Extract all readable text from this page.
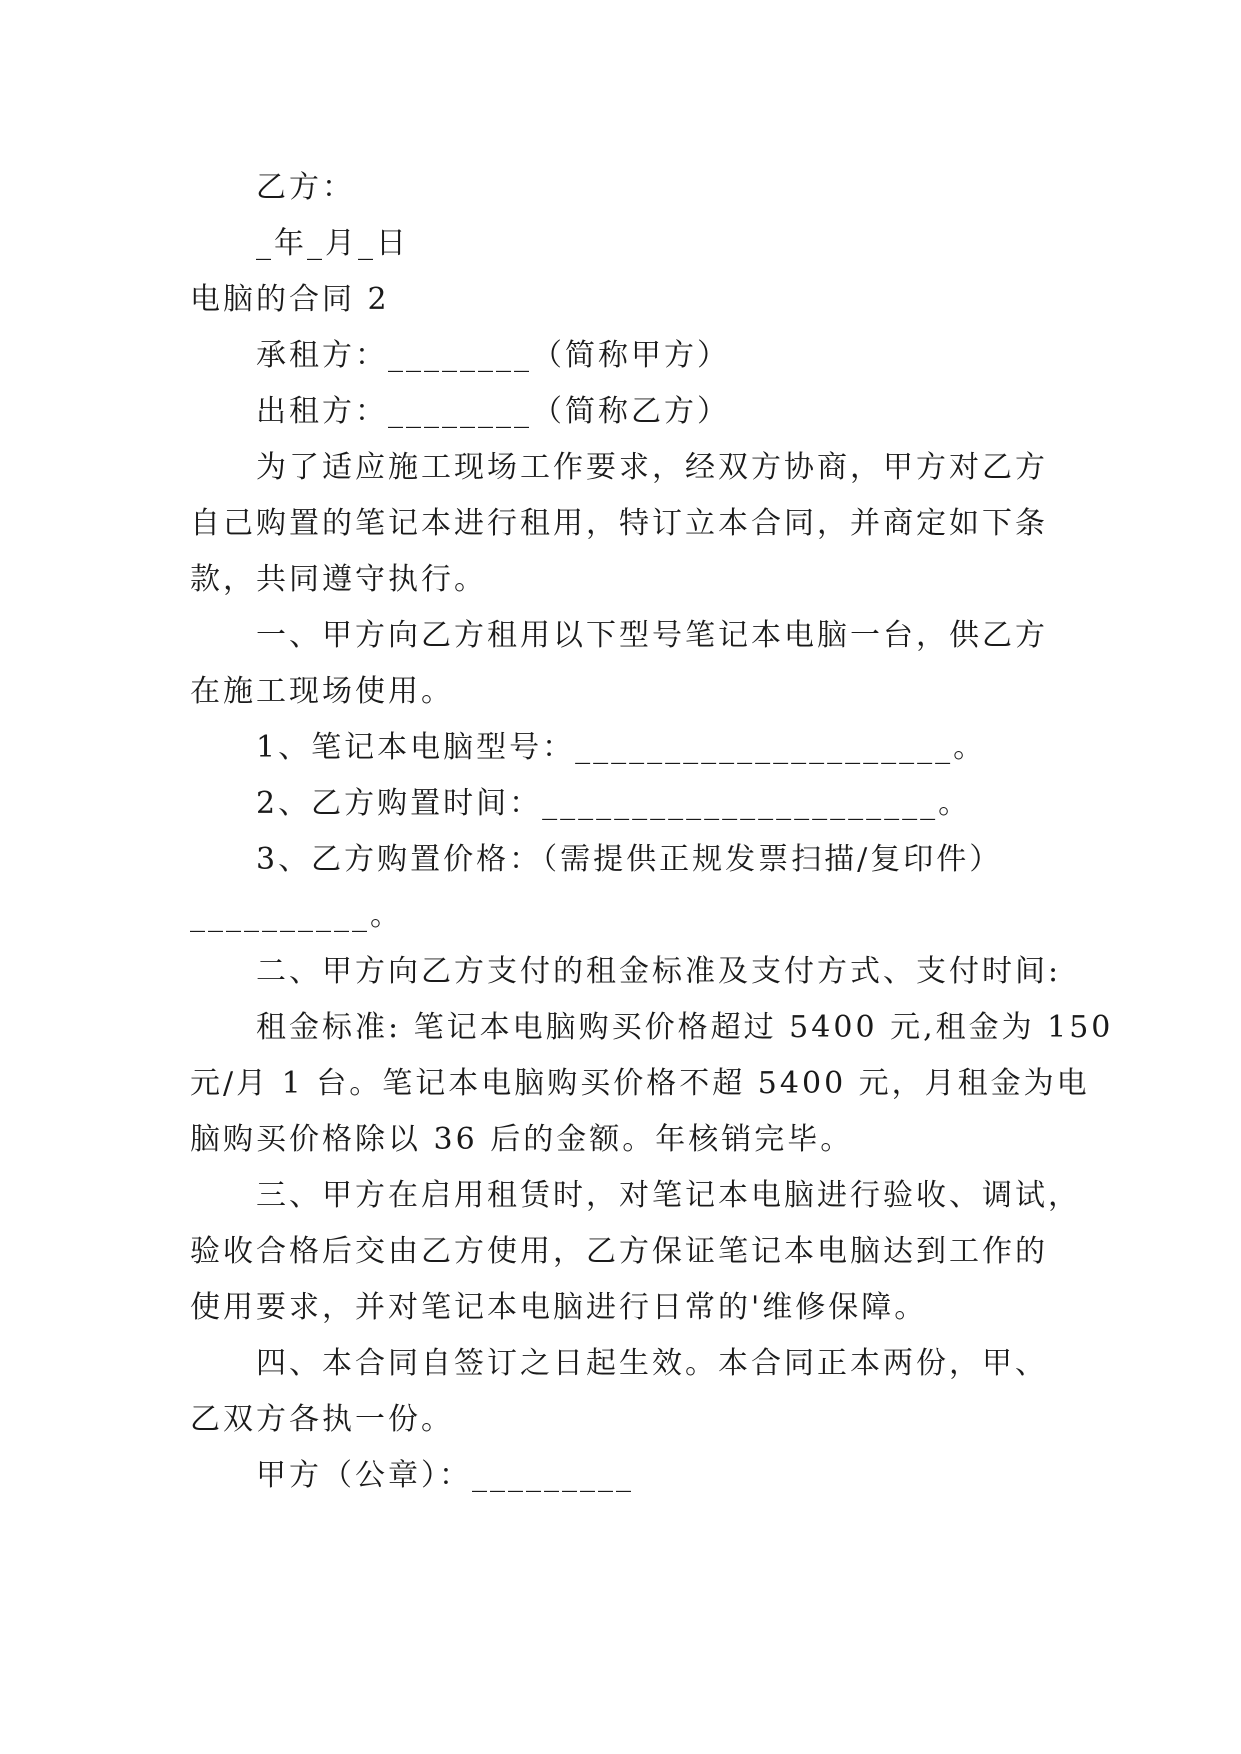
乙方：
_年_月_日
电脑的合同 2
承租方：________（简称甲方）
出租方：________（简称乙方）
为了适应施工现场工作要求，经双方协商，甲方对乙方
自己购置的笔记本进行租用，特订立本合同，并商定如下条
款，共同遵守执行。
一、甲方向乙方租用以下型号笔记本电脑一台，供乙方
在施工现场使用。
1、笔记本电脑型号：_____________________。
2、乙方购置时间：______________________。
3、乙方购置价格：（需提供正规发票扫描/复印件）
__________。
二、甲方向乙方支付的租金标准及支付方式、支付时间:
租金标准: 笔记本电脑购买价格超过 5400 元,租金为 150
元/月 1 台。笔记本电脑购买价格不超 5400 元，月租金为电
脑购买价格除以 36 后的金额。年核销完毕。
三、甲方在启用租赁时，对笔记本电脑进行验收、调试，
验收合格后交由乙方使用，乙方保证笔记本电脑达到工作的
使用要求，并对笔记本电脑进行日常的'维修保障。
四、本合同自签订之日起生效。本合同正本两份，甲、
乙双方各执一份。
甲方（公章）：_________
